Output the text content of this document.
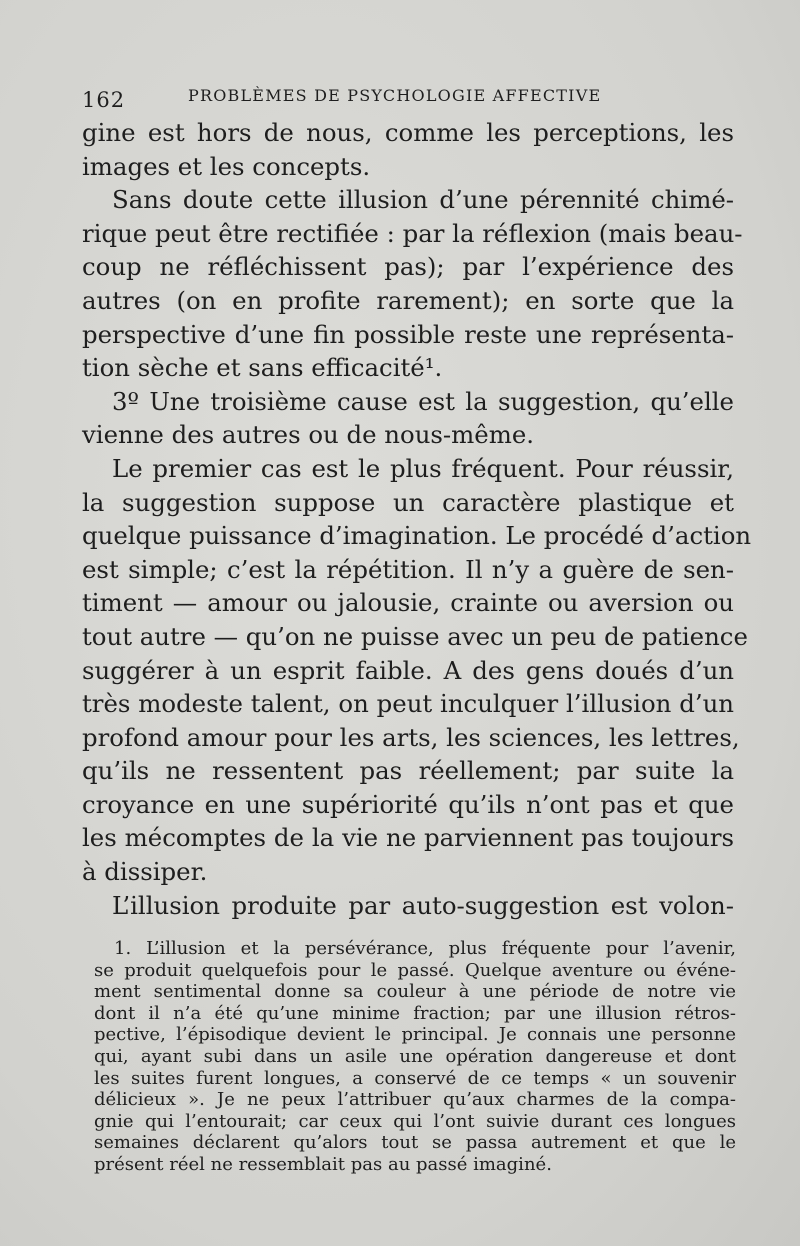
162	PROBLÈMES DE PSYCHOLOGIE AFFECTIVE
gine est hors de nous, comme les perceptions, les
images et les concepts.
Sans doute cette illusion d’une pérennité chimé-
rique peut être rectifiée : par la réflexion (mais beau-
coup ne réfléchissent pas); par l’expérience des
autres (on en profite rarement); en sorte que la
perspective d’une fin possible reste une représenta-
tion sèche et sans efficacité¹.
3º Une troisième cause est la suggestion, qu’elle
vienne des autres ou de nous-même.
Le premier cas est le plus fréquent. Pour réussir,
la suggestion suppose un caractère plastique et
quelque puissance d’imagination. Le procédé d’action
est simple; c’est la répétition. Il n’y a guère de sen-
timent — amour ou jalousie, crainte ou aversion ou
tout autre — qu’on ne puisse avec un peu de patience
suggérer à un esprit faible. A des gens doués d’un
très modeste talent, on peut inculquer l’illusion d’un
profond amour pour les arts, les sciences, les lettres,
qu’ils ne ressentent pas réellement; par suite la
croyance en une supériorité qu’ils n’ont pas et que
les mécomptes de la vie ne parviennent pas toujours
à dissiper.
L’illusion produite par auto-suggestion est volon-
1. L’illusion et la persévérance, plus fréquente pour l’avenir,
se produit quelquefois pour le passé. Quelque aventure ou événe-
ment sentimental donne sa couleur à une période de notre vie
dont il n’a été qu’une minime fraction; par une illusion rétros-
pective, l’épisodique devient le principal. Je connais une personne
qui, ayant subi dans un asile une opération dangereuse et dont
les suites furent longues, a conservé de ce temps « un souvenir
délicieux ». Je ne peux l’attribuer qu’aux charmes de la compa-
gnie qui l’entourait; car ceux qui l’ont suivie durant ces longues
semaines déclarent qu’alors tout se passa autrement et que le
présent réel ne ressemblait pas au passé imaginé.
